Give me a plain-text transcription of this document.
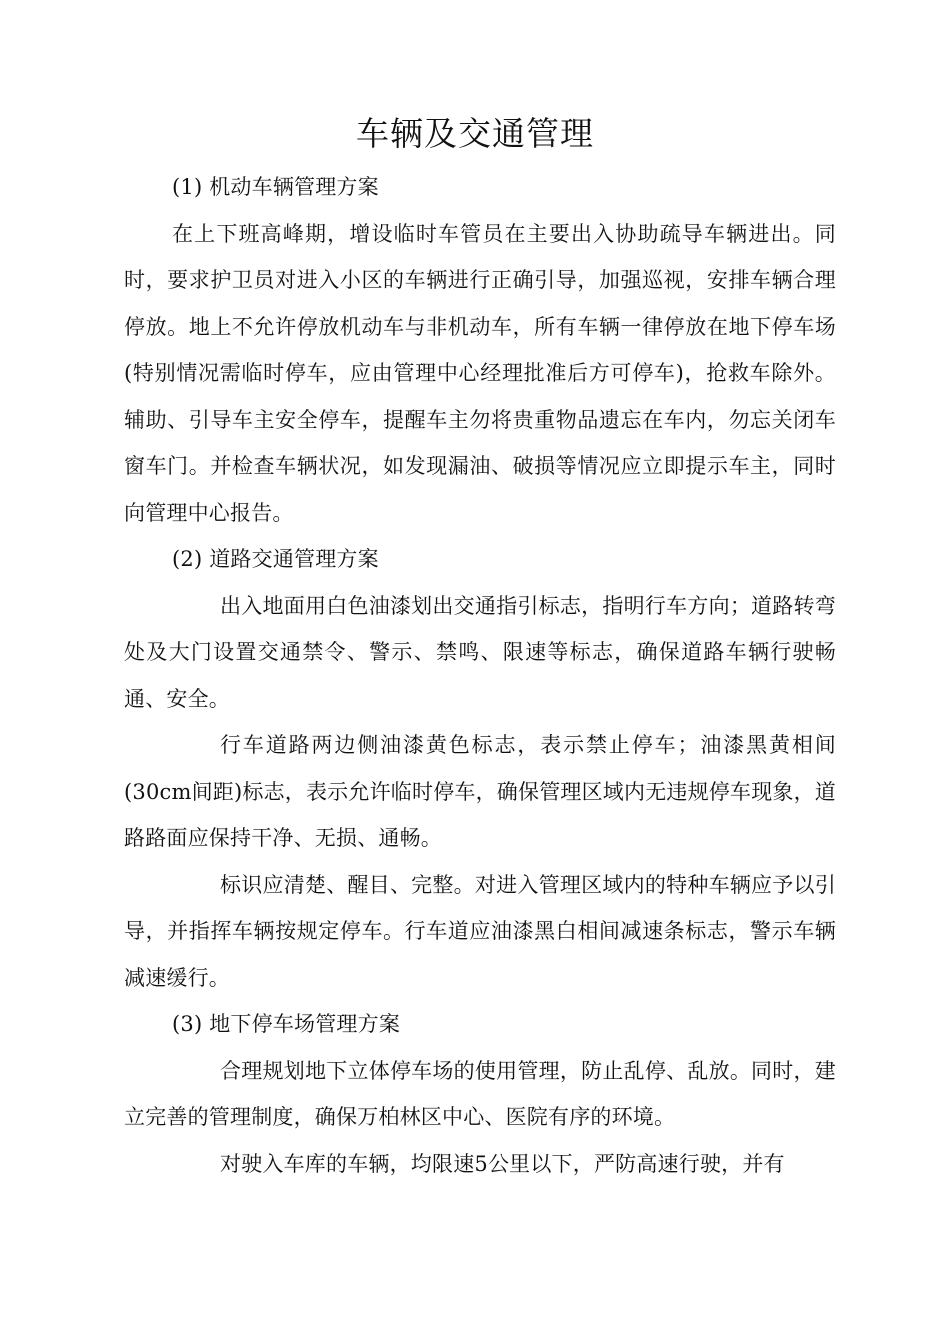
车辆及交通管理

(1) 机动车辆管理方案

在上下班高峰期，增设临时车管员在主要出入协助疏导车辆进出。同时，要求护卫员对进入小区的车辆进行正确引导，加强巡视，安排车辆合理停放。地上不允许停放机动车与非机动车，所有车辆一律停放在地下停车场(特别情况需临时停车，应由管理中心经理批准后方可停车)，抢救车除外。辅助、引导车主安全停车，提醒车主勿将贵重物品遗忘在车内，勿忘关闭车窗车门。并检查车辆状况，如发现漏油、破损等情况应立即提示车主，同时向管理中心报告。

(2) 道路交通管理方案

出入地面用白色油漆划出交通指引标志，指明行车方向；道路转弯处及大门设置交通禁令、警示、禁鸣、限速等标志，确保道路车辆行驶畅通、安全。

行车道路两边侧油漆黄色标志，表示禁止停车；油漆黑黄相间(30cm间距)标志，表示允许临时停车，确保管理区域内无违规停车现象，道路路面应保持干净、无损、通畅。

标识应清楚、醒目、完整。对进入管理区域内的特种车辆应予以引导，并指挥车辆按规定停车。行车道应油漆黑白相间减速条标志，警示车辆减速缓行。

(3) 地下停车场管理方案

合理规划地下立体停车场的使用管理，防止乱停、乱放。同时，建立完善的管理制度，确保万柏林区中心、医院有序的环境。

对驶入车库的车辆，均限速5公里以下，严防高速行驶，并有
